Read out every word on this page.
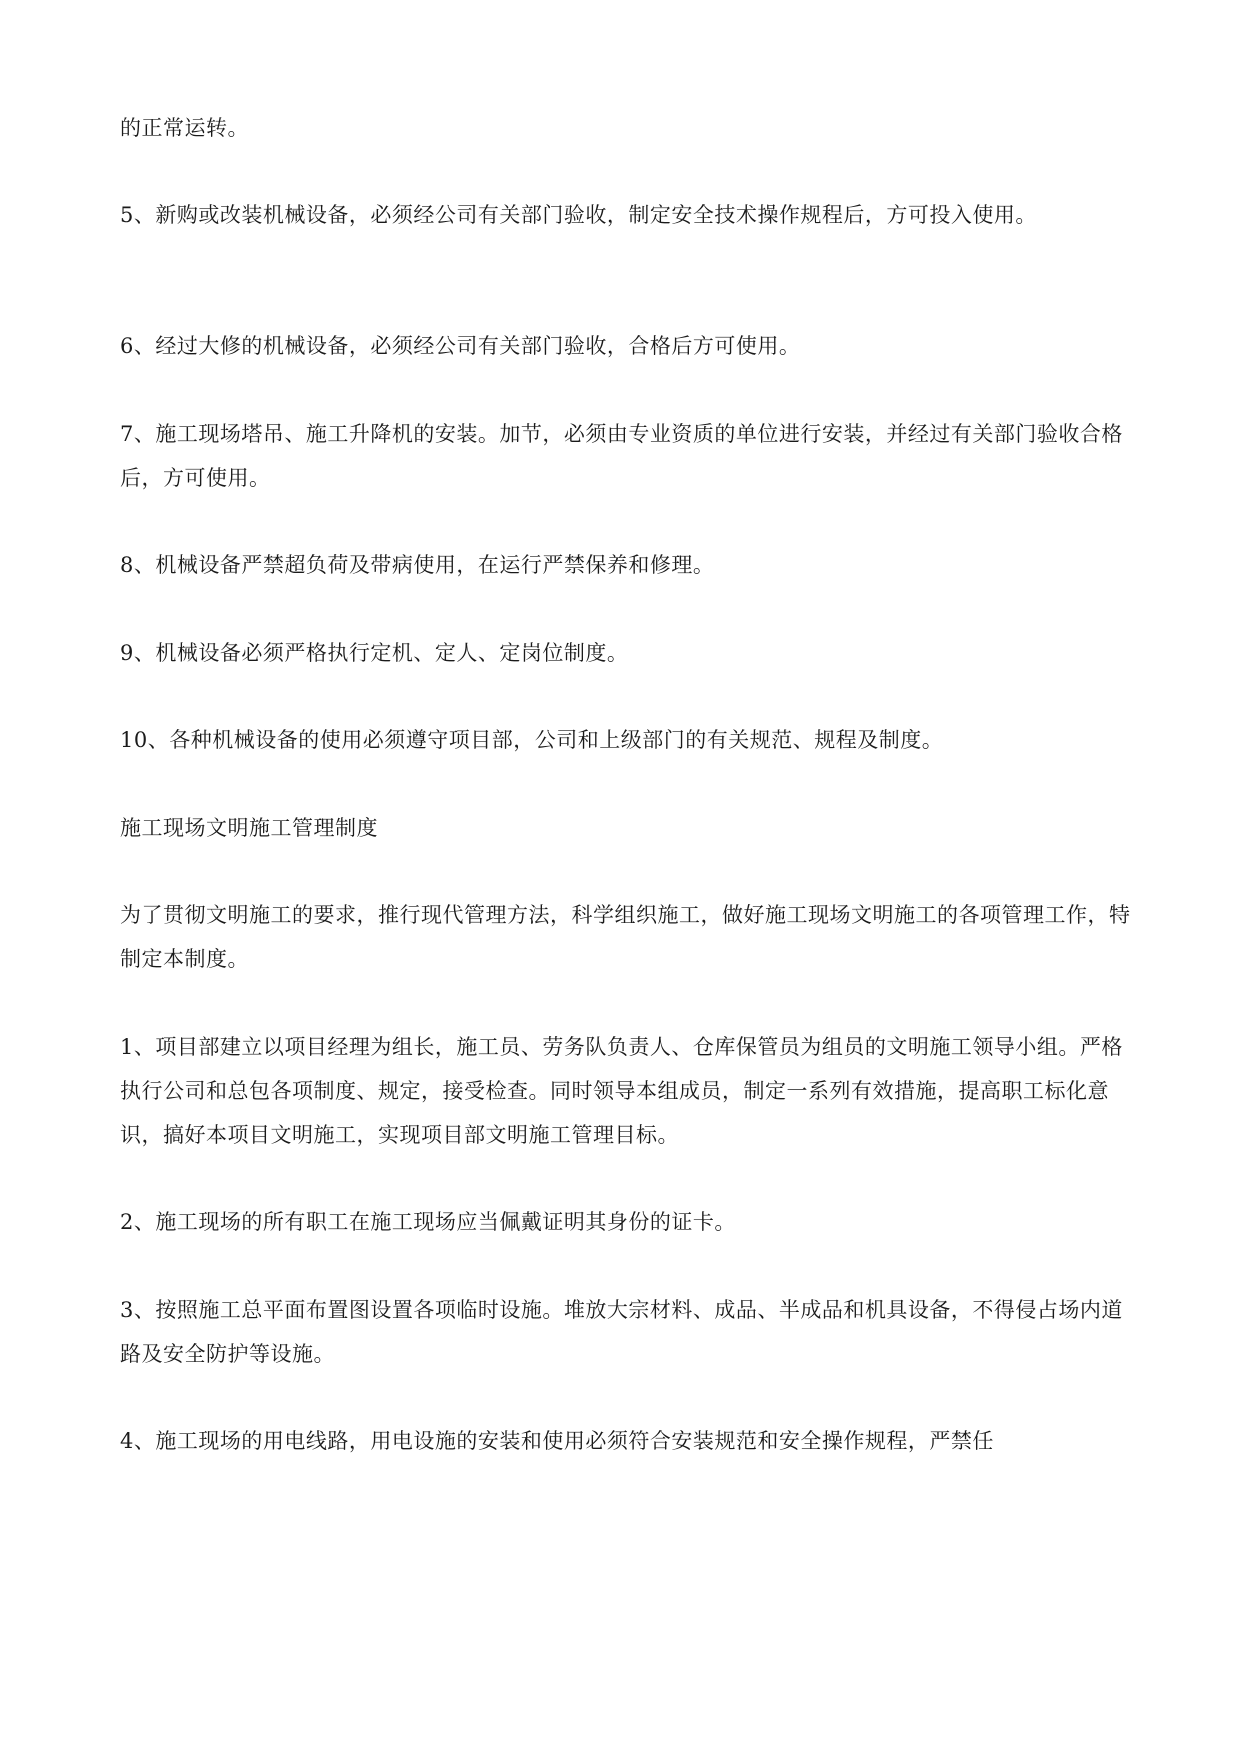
的正常运转。

5、新购或改装机械设备，必须经公司有关部门验收，制定安全技术操作规程后，方可投入使用。

6、经过大修的机械设备，必须经公司有关部门验收，合格后方可使用。

7、施工现场塔吊、施工升降机的安装。加节，必须由专业资质的单位进行安装，并经过有关部门验收合格后，方可使用。

8、机械设备严禁超负荷及带病使用，在运行严禁保养和修理。

9、机械设备必须严格执行定机、定人、定岗位制度。

10、各种机械设备的使用必须遵守项目部，公司和上级部门的有关规范、规程及制度。

施工现场文明施工管理制度

为了贯彻文明施工的要求，推行现代管理方法，科学组织施工，做好施工现场文明施工的各项管理工作，特制定本制度。

1、项目部建立以项目经理为组长，施工员、劳务队负责人、仓库保管员为组员的文明施工领导小组。严格执行公司和总包各项制度、规定，接受检查。同时领导本组成员，制定一系列有效措施，提高职工标化意识，搞好本项目文明施工，实现项目部文明施工管理目标。

2、施工现场的所有职工在施工现场应当佩戴证明其身份的证卡。

3、按照施工总平面布置图设置各项临时设施。堆放大宗材料、成品、半成品和机具设备，不得侵占场内道路及安全防护等设施。

4、施工现场的用电线路，用电设施的安装和使用必须符合安装规范和安全操作规程，严禁任
